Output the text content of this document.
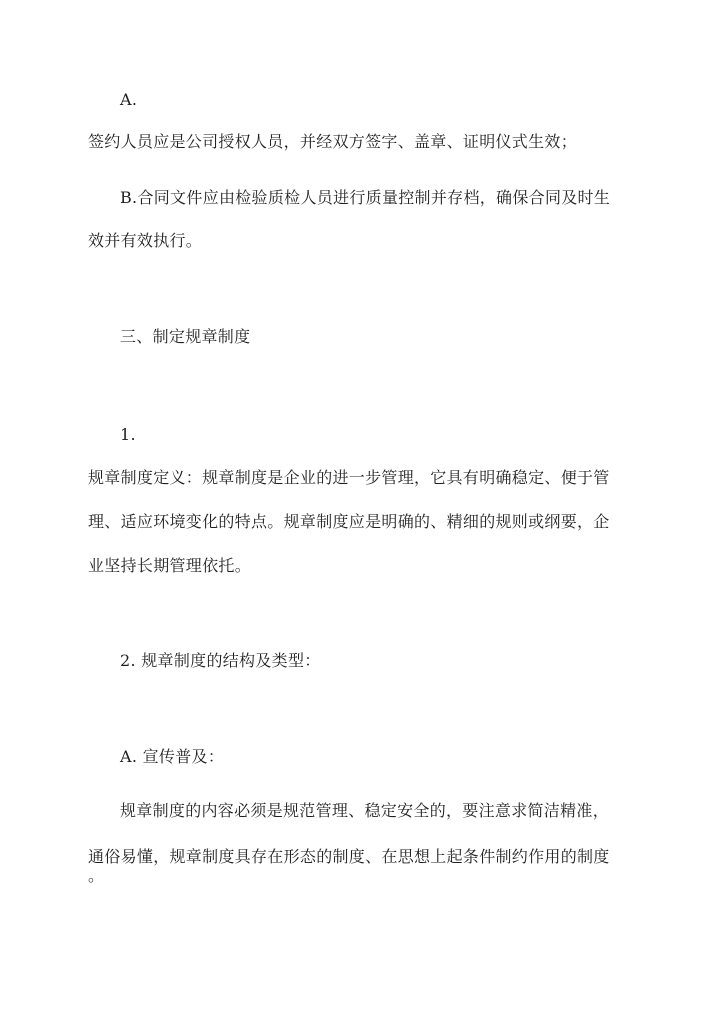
A.
签约人员应是公司授权人员，并经双方签字、盖章、证明仪式生效；
B.合同文件应由检验质检人员进行质量控制并存档，确保合同及时生
效并有效执行。
三、制定规章制度
1.
规章制度定义：规章制度是企业的进一步管理，它具有明确稳定、便于管
理、适应环境变化的特点。规章制度应是明确的、精细的规则或纲要，企
业坚持长期管理依托。
2. 规章制度的结构及类型：
A. 宣传普及：
规章制度的内容必须是规范管理、稳定安全的，要注意求简洁精准，
通俗易懂，规章制度具存在形态的制度、在思想上起条件制约作用的制度
。
